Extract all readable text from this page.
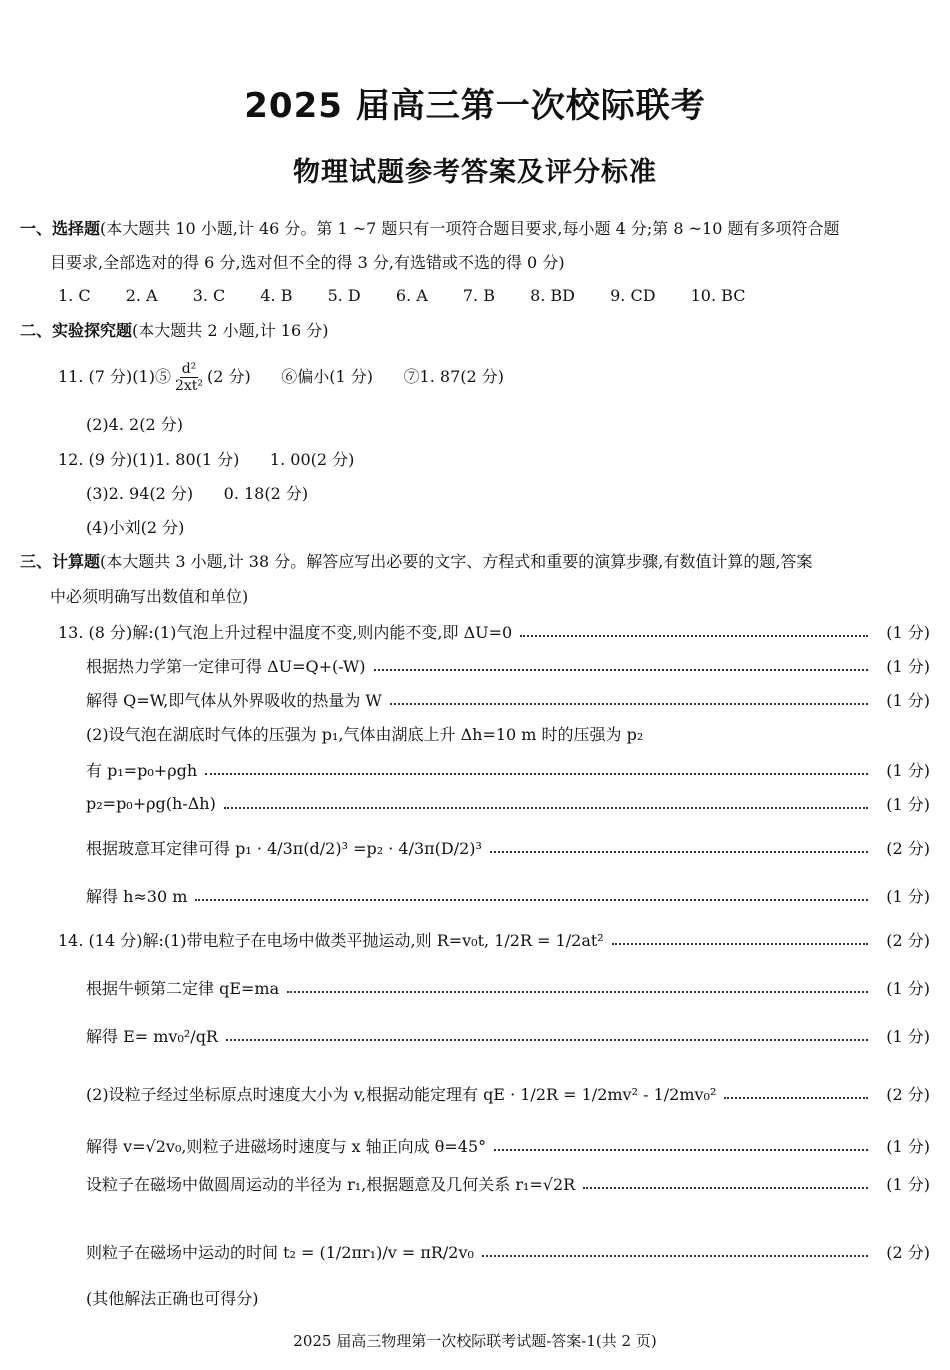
2025 届高三第一次校际联考
物理试题参考答案及评分标准
一、选择题(本大题共 10 小题,计 46 分。第 1 ~7 题只有一项符合题目要求,每小题 4 分;第 8 ~10 题有多项符合题
目要求,全部选对的得 6 分,选对但不全的得 3 分,有选错或不选的得 0 分)
1. C 2. A 3. C 4. B 5. D 6. A 7. B 8. BD 9. CD 10. BC
二、实验探究题(本大题共 2 小题,计 16 分)
11. (7 分)(1)⑤ $\frac{\text{d²}}{\text{2xt²}} (2$ 分)      ⑥偏小(1 分)      ⑦1. 87(2 分)
(2)4. 2(2 分)
12. (9 分)(1)1. 80(1 分)      1. 00(2 分)
(3)2. 94(2 分)      0. 18(2 分)
(4)小刘(2 分)
三、计算题(本大题共 3 小题,计 38 分。解答应写出必要的文字、方程式和重要的演算步骤,有数值计算的题,答案
中必须明确写出数值和单位)
13. (8 分)解:(1)气泡上升过程中温度不变,则内能不变,即 ΔU=0	(1 分)
根据热力学第一定律可得 ΔU=Q+(-W)	(1 分)
解得 Q=W,即气体从外界吸收的热量为 W	(1 分)
(2)设气泡在湖底时气体的压强为 p₁,气体由湖底上升 Δh=10 m 时的压强为 p₂
有 p₁=p₀+ρgh	(1 分)
p₂=p₀+ρg(h-Δh)	(1 分)
根据玻意耳定律可得 p₁ · 4/3π(d/2)³ =p₂ · 4/3π(D/2)³	(2 分)
解得 h≈30 m	(1 分)
14. (14 分)解:(1)带电粒子在电场中做类平抛运动,则 R=v₀t, 1/2R = 1/2at²	(2 分)
根据牛顿第二定律 qE=ma	(1 分)
解得 E= mv₀²/qR	(1 分)
(2)设粒子经过坐标原点时速度大小为 v,根据动能定理有 qE · 1/2R = 1/2mv² - 1/2mv₀²	(2 分)
解得 v=√2v₀,则粒子进磁场时速度与 x 轴正向成 θ=45°	(1 分)
设粒子在磁场中做圆周运动的半径为 r₁,根据题意及几何关系 r₁=√2R	(1 分)
则粒子在磁场中运动的时间 t₂ = (1/2πr₁)/v = πR/2v₀	(2 分)
(其他解法正确也可得分)
2025 届高三物理第一次校际联考试题-答案-1(共 2 页)
